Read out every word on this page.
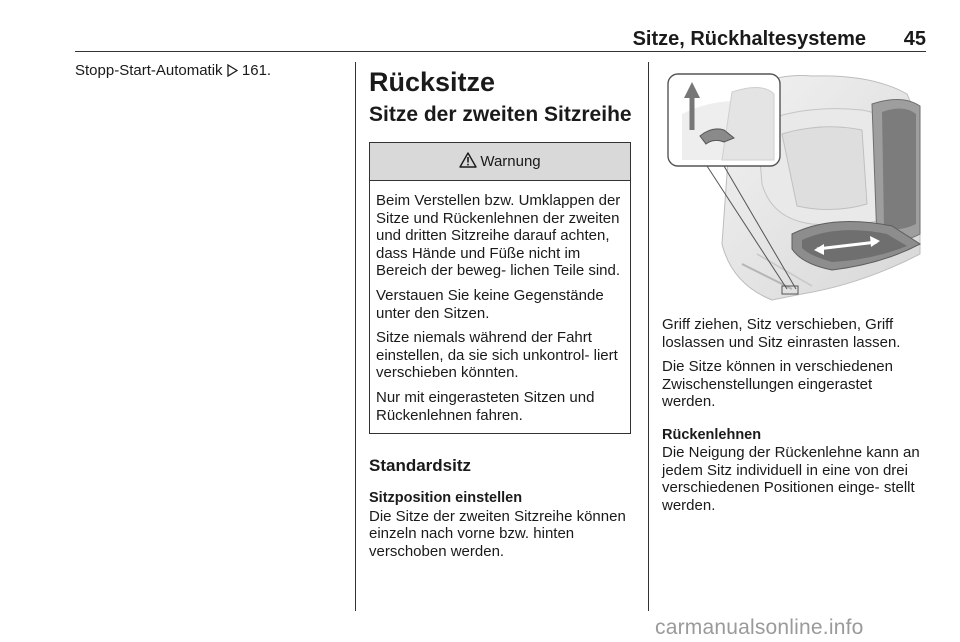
Sitze, Rückhaltesysteme 45

Stopp-Start-Automatik 161.	Rücksitze
Sitze der zweiten Sitzreihe
Warnung

Beim Verstellen bzw. Umklappen der Sitze und Rückenlehnen der zweiten und dritten Sitzreihe darauf achten, dass Hände und Füße nicht im Bereich der beweg‐ lichen Teile sind.

Verstauen Sie keine Gegenstände unter den Sitzen.

Sitze niemals während der Fahrt einstellen, da sie sich unkontrol‐ liert verschieben könnten.

Nur mit eingerasteten Sitzen und Rückenlehnen fahren.

Standardsitz
Sitzposition einstellen

Die Sitze der zweiten Sitzreihe können einzeln nach vorne bzw. hinten verschoben werden.

Griff ziehen, Sitz verschieben, Griff loslassen und Sitz einrasten lassen.

Die Sitze können in verschiedenen Zwischenstellungen eingerastet werden.

Rückenlehnen

Die Neigung der Rückenlehne kann an jedem Sitz individuell in eine von drei verschiedenen Positionen einge‐ stellt werden.

carmanualsonline.info
